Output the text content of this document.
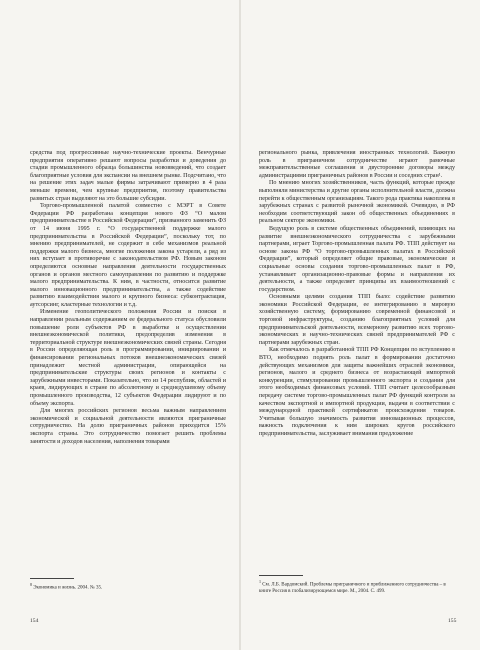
средства под прогрессивные научно-технические проекты. Венчурные предприятия оперативно решают вопросы разработки и доведения до стадии промышленного образца большинства нововведений, что создает благоприятные условия для экспансии на внешнем рынке. Подсчитано, что на решение этих задач малые фирмы затрачивают примерно в 4 раза меньше времени, чем крупные предприятия, поэтому правительства развитых стран выделяют на это большие субсидии.

Торгово-промышленной палатой совместно с МЭРТ в Совете Федерации РФ разработана концепция нового ФЗ “О малом предпринимательстве в Российской Федерации”, призванного заменить ФЗ от 14 июня 1995 г. “О государственной поддержке малого предпринимательства в Российской Федерации”, поскольку тот, по мнению предпринимателей, не содержит в себе механизмов реальной поддержки малого бизнеса, многие положения закона устарели, а ряд из них вступает в противоречие с законодательством РФ. Новым законом определяются основные направления деятельности государственных органов и органов местного самоуправления по развитию и поддержке малого предпринимательства. К ним, в частности, относится развитие малого инновационного предпринимательства, а также содействие развитию взаимодействия малого и крупного бизнеса: субконтрактация, аутсорсинг, кластерные технологии и т.д.

Изменение геополитического положения России и поиски в направлении реальным содержанием ее федерального статуса обусловили повышение роли субъектов РФ в выработке и осуществлении внешнеэкономической политики, предопределив изменения в территориальной структуре внешнеэкономических связей страны. Сегодня в России определяющая роль в программировании, инициировании и финансировании региональных потоков внешнеэкономических связей принадлежит местной администрации, опирающейся на предпринимательские структуры своих регионов и контакты с зарубежными инвесторами. Показательно, что из 14 республик, областей и краев, лидирующих в стране по абсолютному и среднедушевому объему промышленного производства, 12 субъектов Федерации лидируют и по объему экспорта.

Для многих российских регионов весьма важным направлением экономической и социальной деятельности являются приграничные сотрудничество. На долю приграничных районов приходится 15% экспорта страны. Это сотрудничество помогает решить проблемы занятости и доходов населения, наполнения товарами

$^8$ Экономика и жизнь. 2004. № 35.
154

регионального рынка, привлечения иностранных технологий. Важную роль в приграничном сотрудничестве играют рамочные межправительственные соглашения и двусторонние договоры между администрациями приграничных районов в России и соседних стран¹.

По мнению многих хозяйственников, часть функций, которые прежде выполняли министерства и другие органы исполнительной власти, должна перейти к общественным организациям. Такого рода практика накоплена в зарубежных странах с развитой рыночной экономикой. Очевидно, в РФ необходим соответствующий закон об общественных объединениях в реальном секторе экономики.

Ведущую роль в системе общественных объединений, влияющих на развитие внешнеэкономического сотрудничества с зарубежными партнерами, играет Торгово-промышленная палата РФ. ТПП действует на основе закона РФ “О торгово-промышленных палатах в Российской Федерации”, который определяет общие правовые, экономические и социальные основы создания торгово-промышленных палат в РФ, устанавливает организационно-правовые формы и направления их деятельности, а также определяет принципы их взаимоотношений с государством.

Основными целями создания ТПП было: содействие развитию экономики Российской Федерации, ее интегрированию в мировую хозяйственную систему, формированию современной финансовой и торговой инфраструктуры, созданию благоприятных условий для предпринимательской деятельности, всемерному развитию всех торгово-экономических и научно-технических связей предпринимателей РФ с партнерами зарубежных стран.

Как отмечалось в разработанной ТПП РФ Концепции по вступлению в ВТО, необходимо поднять роль палат в формировании достаточно действующих механизмов для защиты важнейших отраслей экономики, регионов, малого и среднего бизнеса от возрастающей импортной конкуренции, стимулировании промышленного экспорта и создания для этого необходимых финансовых условий. ТПП считает целесообразным передачу системе торгово-промышленных палат РФ функций контроля за качеством экспортной и импортной продукции, выдачи в соответствии с международной практикой сертификатов происхождения товаров. Учитывая большую значимость развития инновационных процессов, важность подключения к ним широких кругов российского предпринимательства, заслуживает внимания предложение

$^1$ См. Л.Б. Вардомский. Проблемы приграничного и приближенного сотрудничества – в книге Россия в глобализирующемся мире. М., 2004. С. 499.
155
